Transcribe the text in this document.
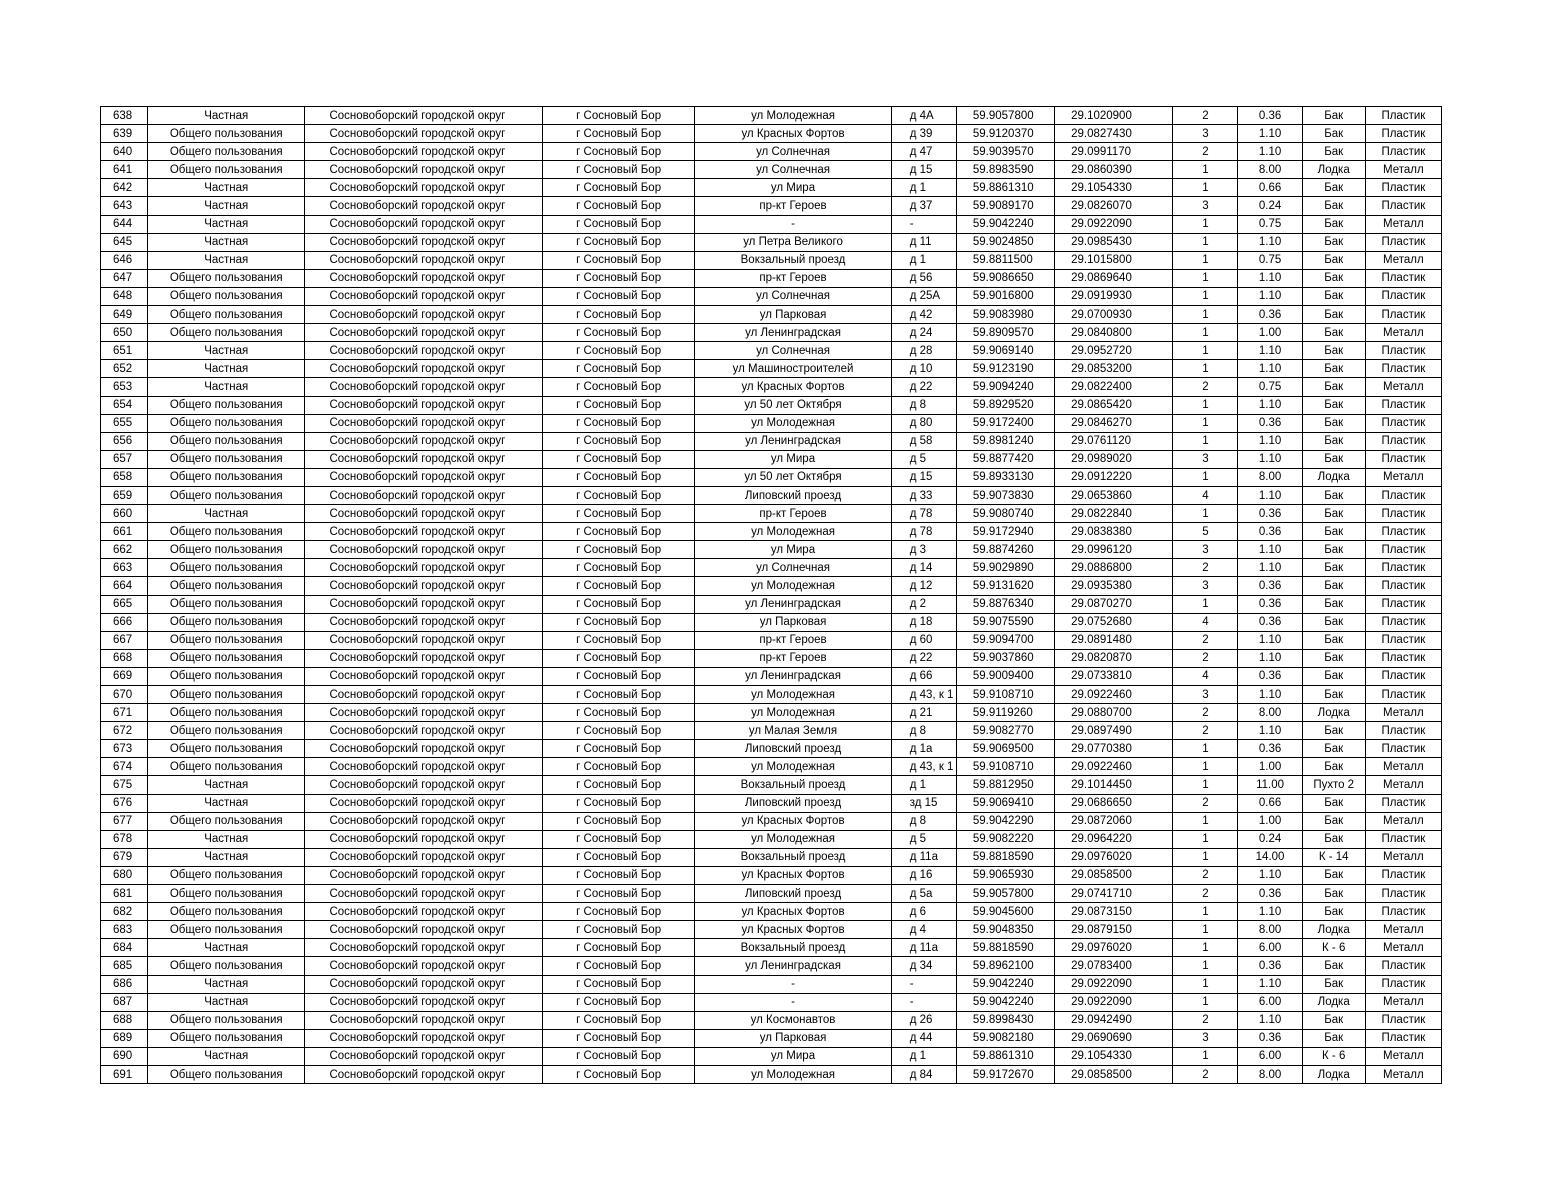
638	Частная	Сосновоборский городской округ	г Сосновый Бор	ул Молодежная	д 4А	59.9057800	29.1020900	2	0.36	Бак	Пластик
639	Общего пользования	Сосновоборский городской округ	г Сосновый Бор	ул Красных Фортов	д 39	59.9120370	29.0827430	3	1.10	Бак	Пластик
640	Общего пользования	Сосновоборский городской округ	г Сосновый Бор	ул Солнечная	д 47	59.9039570	29.0991170	2	1.10	Бак	Пластик
641	Общего пользования	Сосновоборский городской округ	г Сосновый Бор	ул Солнечная	д 15	59.8983590	29.0860390	1	8.00	Лодка	Металл
642	Частная	Сосновоборский городской округ	г Сосновый Бор	ул Мира	д 1	59.8861310	29.1054330	1	0.66	Бак	Пластик
643	Частная	Сосновоборский городской округ	г Сосновый Бор	пр-кт Героев	д 37	59.9089170	29.0826070	3	0.24	Бак	Пластик
644	Частная	Сосновоборский городской округ	г Сосновый Бор	-	-	59.9042240	29.0922090	1	0.75	Бак	Металл
645	Частная	Сосновоборский городской округ	г Сосновый Бор	ул Петра Великого	д 11	59.9024850	29.0985430	1	1.10	Бак	Пластик
646	Частная	Сосновоборский городской округ	г Сосновый Бор	Вокзальный проезд	д 1	59.8811500	29.1015800	1	0.75	Бак	Металл
647	Общего пользования	Сосновоборский городской округ	г Сосновый Бор	пр-кт Героев	д 56	59.9086650	29.0869640	1	1.10	Бак	Пластик
648	Общего пользования	Сосновоборский городской округ	г Сосновый Бор	ул Солнечная	д 25А	59.9016800	29.0919930	1	1.10	Бак	Пластик
649	Общего пользования	Сосновоборский городской округ	г Сосновый Бор	ул Парковая	д 42	59.9083980	29.0700930	1	0.36	Бак	Пластик
650	Общего пользования	Сосновоборский городской округ	г Сосновый Бор	ул Ленинградская	д 24	59.8909570	29.0840800	1	1.00	Бак	Металл
651	Частная	Сосновоборский городской округ	г Сосновый Бор	ул Солнечная	д 28	59.9069140	29.0952720	1	1.10	Бак	Пластик
652	Частная	Сосновоборский городской округ	г Сосновый Бор	ул Машиностроителей	д 10	59.9123190	29.0853200	1	1.10	Бак	Пластик
653	Частная	Сосновоборский городской округ	г Сосновый Бор	ул Красных Фортов	д 22	59.9094240	29.0822400	2	0.75	Бак	Металл
654	Общего пользования	Сосновоборский городской округ	г Сосновый Бор	ул 50 лет Октября	д 8	59.8929520	29.0865420	1	1.10	Бак	Пластик
655	Общего пользования	Сосновоборский городской округ	г Сосновый Бор	ул Молодежная	д 80	59.9172400	29.0846270	1	0.36	Бак	Пластик
656	Общего пользования	Сосновоборский городской округ	г Сосновый Бор	ул Ленинградская	д 58	59.8981240	29.0761120	1	1.10	Бак	Пластик
657	Общего пользования	Сосновоборский городской округ	г Сосновый Бор	ул Мира	д 5	59.8877420	29.0989020	3	1.10	Бак	Пластик
658	Общего пользования	Сосновоборский городской округ	г Сосновый Бор	ул 50 лет Октября	д 15	59.8933130	29.0912220	1	8.00	Лодка	Металл
659	Общего пользования	Сосновоборский городской округ	г Сосновый Бор	Липовский проезд	д 33	59.9073830	29.0653860	4	1.10	Бак	Пластик
660	Частная	Сосновоборский городской округ	г Сосновый Бор	пр-кт Героев	д 78	59.9080740	29.0822840	1	0.36	Бак	Пластик
661	Общего пользования	Сосновоборский городской округ	г Сосновый Бор	ул Молодежная	д 78	59.9172940	29.0838380	5	0.36	Бак	Пластик
662	Общего пользования	Сосновоборский городской округ	г Сосновый Бор	ул Мира	д 3	59.8874260	29.0996120	3	1.10	Бак	Пластик
663	Общего пользования	Сосновоборский городской округ	г Сосновый Бор	ул Солнечная	д 14	59.9029890	29.0886800	2	1.10	Бак	Пластик
664	Общего пользования	Сосновоборский городской округ	г Сосновый Бор	ул Молодежная	д 12	59.9131620	29.0935380	3	0.36	Бак	Пластик
665	Общего пользования	Сосновоборский городской округ	г Сосновый Бор	ул Ленинградская	д 2	59.8876340	29.0870270	1	0.36	Бак	Пластик
666	Общего пользования	Сосновоборский городской округ	г Сосновый Бор	ул Парковая	д 18	59.9075590	29.0752680	4	0.36	Бак	Пластик
667	Общего пользования	Сосновоборский городской округ	г Сосновый Бор	пр-кт Героев	д 60	59.9094700	29.0891480	2	1.10	Бак	Пластик
668	Общего пользования	Сосновоборский городской округ	г Сосновый Бор	пр-кт Героев	д 22	59.9037860	29.0820870	2	1.10	Бак	Пластик
669	Общего пользования	Сосновоборский городской округ	г Сосновый Бор	ул Ленинградская	д 66	59.9009400	29.0733810	4	0.36	Бак	Пластик
670	Общего пользования	Сосновоборский городской округ	г Сосновый Бор	ул Молодежная	д 43, к 1	59.9108710	29.0922460	3	1.10	Бак	Пластик
671	Общего пользования	Сосновоборский городской округ	г Сосновый Бор	ул Молодежная	д 21	59.9119260	29.0880700	2	8.00	Лодка	Металл
672	Общего пользования	Сосновоборский городской округ	г Сосновый Бор	ул Малая Земля	д 8	59.9082770	29.0897490	2	1.10	Бак	Пластик
673	Общего пользования	Сосновоборский городской округ	г Сосновый Бор	Липовский проезд	д 1а	59.9069500	29.0770380	1	0.36	Бак	Пластик
674	Общего пользования	Сосновоборский городской округ	г Сосновый Бор	ул Молодежная	д 43, к 1	59.9108710	29.0922460	1	1.00	Бак	Металл
675	Частная	Сосновоборский городской округ	г Сосновый Бор	Вокзальный проезд	д 1	59.8812950	29.1014450	1	11.00	Пухто 2	Металл
676	Частная	Сосновоборский городской округ	г Сосновый Бор	Липовский проезд	зд 15	59.9069410	29.0686650	2	0.66	Бак	Пластик
677	Общего пользования	Сосновоборский городской округ	г Сосновый Бор	ул Красных Фортов	д 8	59.9042290	29.0872060	1	1.00	Бак	Металл
678	Частная	Сосновоборский городской округ	г Сосновый Бор	ул Молодежная	д 5	59.9082220	29.0964220	1	0.24	Бак	Пластик
679	Частная	Сосновоборский городской округ	г Сосновый Бор	Вокзальный проезд	д 11а	59.8818590	29.0976020	1	14.00	К - 14	Металл
680	Общего пользования	Сосновоборский городской округ	г Сосновый Бор	ул Красных Фортов	д 16	59.9065930	29.0858500	2	1.10	Бак	Пластик
681	Общего пользования	Сосновоборский городской округ	г Сосновый Бор	Липовский проезд	д 5а	59.9057800	29.0741710	2	0.36	Бак	Пластик
682	Общего пользования	Сосновоборский городской округ	г Сосновый Бор	ул Красных Фортов	д 6	59.9045600	29.0873150	1	1.10	Бак	Пластик
683	Общего пользования	Сосновоборский городской округ	г Сосновый Бор	ул Красных Фортов	д 4	59.9048350	29.0879150	1	8.00	Лодка	Металл
684	Частная	Сосновоборский городской округ	г Сосновый Бор	Вокзальный проезд	д 11а	59.8818590	29.0976020	1	6.00	К - 6	Металл
685	Общего пользования	Сосновоборский городской округ	г Сосновый Бор	ул Ленинградская	д 34	59.8962100	29.0783400	1	0.36	Бак	Пластик
686	Частная	Сосновоборский городской округ	г Сосновый Бор	-	-	59.9042240	29.0922090	1	1.10	Бак	Пластик
687	Частная	Сосновоборский городской округ	г Сосновый Бор	-	-	59.9042240	29.0922090	1	6.00	Лодка	Металл
688	Общего пользования	Сосновоборский городской округ	г Сосновый Бор	ул Космонавтов	д 26	59.8998430	29.0942490	2	1.10	Бак	Пластик
689	Общего пользования	Сосновоборский городской округ	г Сосновый Бор	ул Парковая	д 44	59.9082180	29.0690690	3	0.36	Бак	Пластик
690	Частная	Сосновоборский городской округ	г Сосновый Бор	ул Мира	д 1	59.8861310	29.1054330	1	6.00	К - 6	Металл
691	Общего пользования	Сосновоборский городской округ	г Сосновый Бор	ул Молодежная	д 84	59.9172670	29.0858500	2	8.00	Лодка	Металл
